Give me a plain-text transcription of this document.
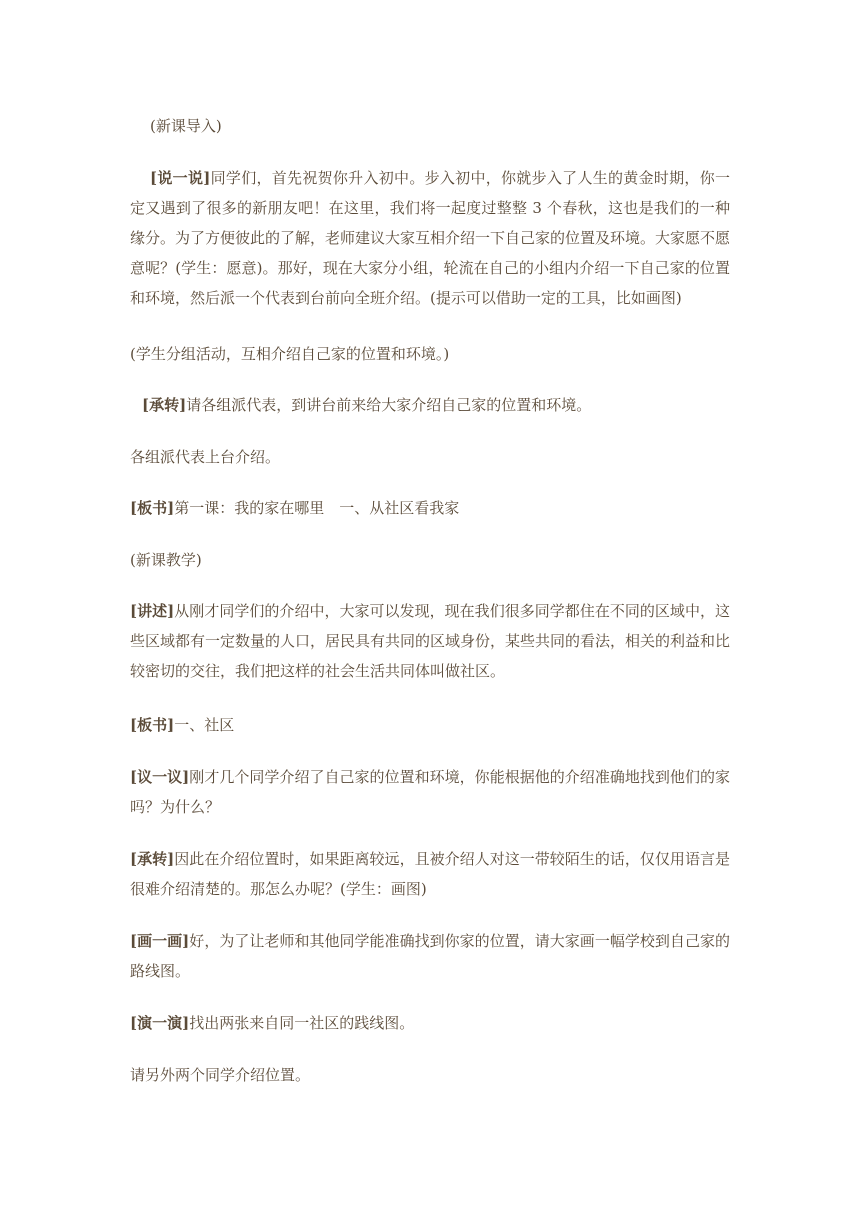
(新课导入)

[说一说]同学们，首先祝贺你升入初中。步入初中，你就步入了人生的黄金时期，你一定又遇到了很多的新朋友吧！在这里，我们将一起度过整整 3 个春秋，这也是我们的一种缘分。为了方便彼此的了解，老师建议大家互相介绍一下自己家的位置及环境。大家愿不愿意呢？(学生：愿意)。那好，现在大家分小组，轮流在自己的小组内介绍一下自己家的位置和环境，然后派一个代表到台前向全班介绍。(提示可以借助一定的工具，比如画图)

(学生分组活动，互相介绍自己家的位置和环境。)

[承转]请各组派代表，到讲台前来给大家介绍自己家的位置和环境。

各组派代表上台介绍。

[板书]第一课：我的家在哪里　一、从社区看我家

(新课教学)

[讲述]从刚才同学们的介绍中，大家可以发现，现在我们很多同学都住在不同的区域中，这些区域都有一定数量的人口，居民具有共同的区域身份，某些共同的看法，相关的利益和比较密切的交往，我们把这样的社会生活共同体叫做社区。

[板书]一、社区

[议一议]刚才几个同学介绍了自己家的位置和环境，你能根据他的介绍准确地找到他们的家吗？为什么？

[承转]因此在介绍位置时，如果距离较远，且被介绍人对这一带较陌生的话，仅仅用语言是很难介绍清楚的。那怎么办呢？(学生：画图)

[画一画]好，为了让老师和其他同学能准确找到你家的位置，请大家画一幅学校到自己家的路线图。

[演一演]找出两张来自同一社区的践线图。

请另外两个同学介绍位置。
